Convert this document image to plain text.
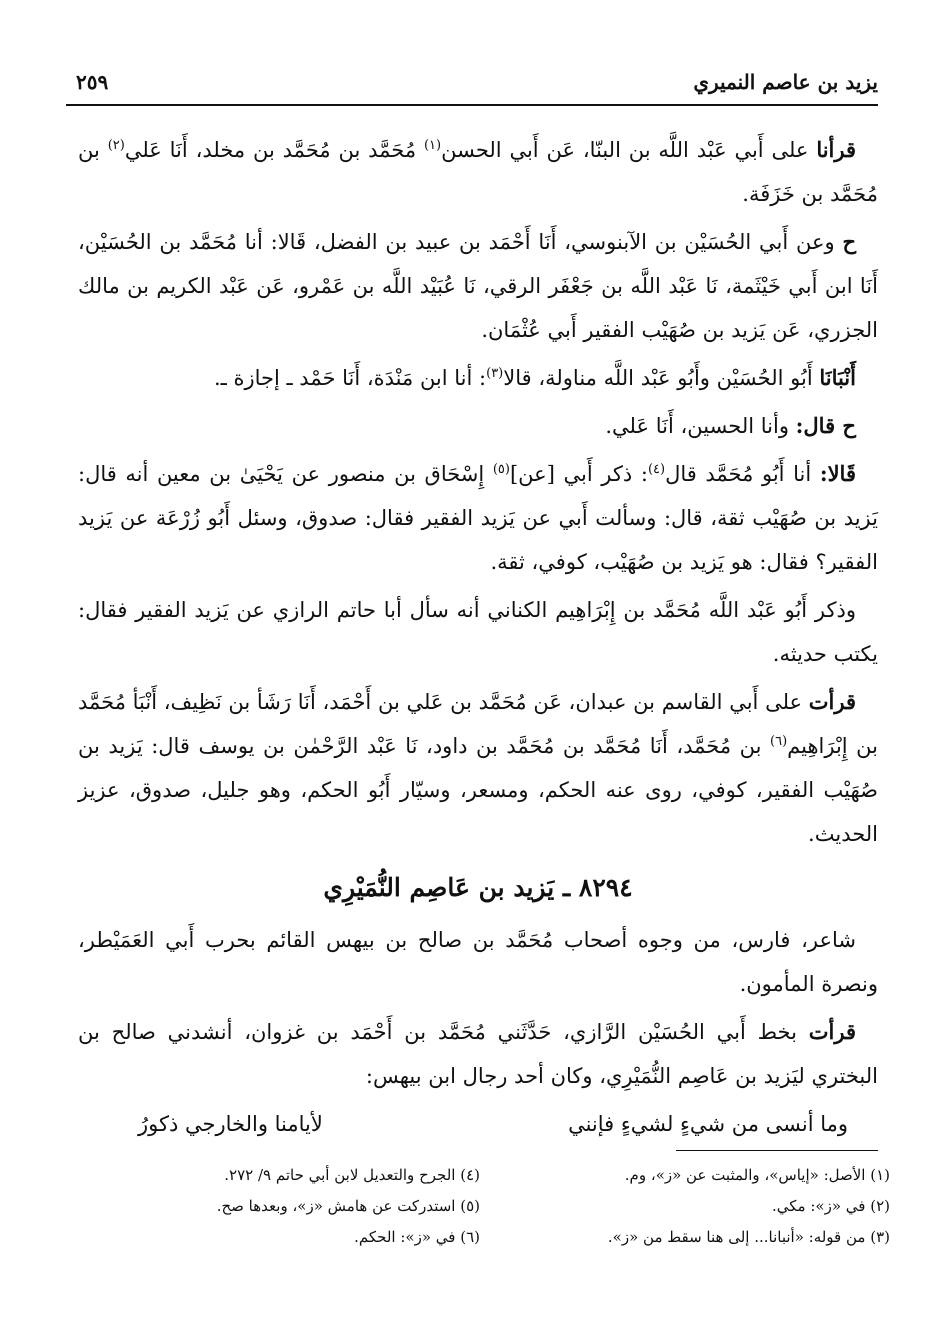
يزيد بن عاصم النميري
٢٥٩

قرأنا على أَبي عَبْد اللَّه بن البنّا، عَن أَبي الحسن$^{(١)}$ مُحَمَّد بن مُحَمَّد بن مخلد، أَنَا عَلي$^{(٢)}$ بن مُحَمَّد بن خَزَفَة.

ح وعن أَبي الحُسَيْن بن الآبنوسي، أَنَا أَحْمَد بن عبيد بن الفضل، قَالا: أنا مُحَمَّد بن الحُسَيْن، أَنَا ابن أَبي خَيْثَمة، نَا عَبْد اللَّه بن جَعْفَر الرقي، نَا عُبَيْد اللَّه بن عَمْرو، عَن عَبْد الكريم بن مالك الجزري، عَن يَزيد بن صُهَيْب الفقير أَبي عُثْمَان.

أَنْبَانَا أَبُو الحُسَيْن وأَبُو عَبْد اللَّه مناولة، قالا$^{(٣)}$: أنا ابن مَنْدَة، أَنَا حَمْد ـ إجازة ـ.

ح قال: وأنا الحسين، أَنَا عَلي.

قَالا: أنا أَبُو مُحَمَّد قال$^{(٤)}$: ذكر أَبي [عن]$^{(٥)}$ إِسْحَاق بن منصور عن يَحْيَىٰ بن معين أنه قال: يَزيد بن صُهَيْب ثقة، قال: وسألت أَبي عن يَزيد الفقير فقال: صدوق، وسئل أَبُو زُرْعَة عن يَزيد الفقير؟ فقال: هو يَزيد بن صُهَيْب، كوفي، ثقة.

وذكر أَبُو عَبْد اللَّه مُحَمَّد بن إِبْرَاهِيم الكناني أنه سأل أبا حاتم الرازي عن يَزيد الفقير فقال: يكتب حديثه.

قرأت على أَبي القاسم بن عبدان، عَن مُحَمَّد بن عَلي بن أَحْمَد، أَنَا رَشَأ بن نَظِيف، أَنْبَأ مُحَمَّد بن إِبْرَاهِيم$^{(٦)}$ بن مُحَمَّد، أَنَا مُحَمَّد بن مُحَمَّد بن داود، نَا عَبْد الرَّحْمٰن بن يوسف قال: يَزيد بن صُهَيْب الفقير، كوفي، روى عنه الحكم، ومسعر، وسيّار أَبُو الحكم، وهو جليل، صدوق، عزيز الحديث.

٨٢٩٤ ـ يَزيد بن عَاصِم النُّمَيْرِي

شاعر، فارس، من وجوه أصحاب مُحَمَّد بن صالح بن بيهس القائم بحرب أَبي العَمَيْطر، ونصرة المأمون.

قرأت بخط أَبي الحُسَيْن الرَّازي، حَدَّثَني مُحَمَّد بن أَحْمَد بن غزوان، أنشدني صالح بن البختري ليَزيد بن عَاصِم النُّمَيْرِي، وكان أحد رجال ابن بيهس:

وما أنسى من شيءٍ لشيءٍ فإنني
لأيامنا والخارجي ذكورُ
(١) الأصل: «إياس»، والمثبت عن «ز»، وم.
(٢) في «ز»: مكي.
(٣) من قوله: «أنبانا... إلى هنا سقط من «ز».
(٤) الجرح والتعديل لابن أبي حاتم ٩/ ٢٧٢.
(٥) استدركت عن هامش «ز»، وبعدها صح.
(٦) في «ز»: الحكم.
